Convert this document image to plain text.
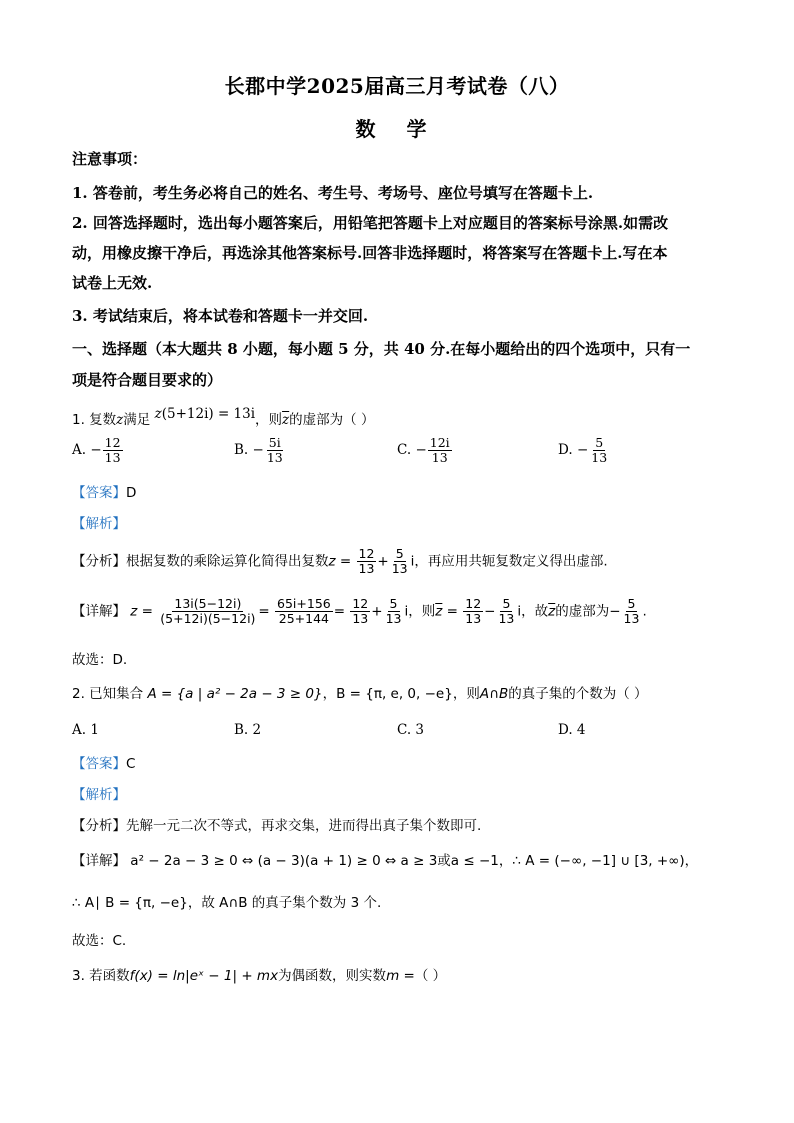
长郡中学2025届高三月考试卷（八）
数 学
注意事项：
1. 答卷前，考生务必将自己的姓名、考生号、考场号、座位号填写在答题卡上.
2. 回答选择题时，选出每小题答案后，用铅笔把答题卡上对应题目的答案标号涂黑.如需改
动，用橡皮擦干净后，再选涂其他答案标号.回答非选择题时，将答案写在答题卡上.写在本
试卷上无效.
3. 考试结束后，将本试卷和答题卡一并交回.
一、选择题（本大题共 8 小题，每小题 5 分，共 40 分.在每小题给出的四个选项中，只有一
项是符合题目要求的）
1. 复数z满足 z(5+12i) = 13i，则$\overline{z}$的虚部为（ ）
A. − $\frac{12}{13}$	B. − $\frac{5i}{13}$	C. − $\frac{12i}{13}$	D. − $\frac{5}{13}$
【答案】D
【解析】
【分析】根据复数的乘除运算化简得出复数$z = \frac{12}{13} + \frac{5}{13}$ i，再应用共轭复数定义得出虚部.
【详解】 $z = \frac{13i(5-12i)}{(5+12i)(5-12i)} = \frac{65i+156}{25+144} = \frac{12}{13} + \frac{5}{13}$ i，则$\overline{z} = \frac{12}{13} - \frac{5}{13}$ i，故$\overline{z}$的虚部为− $\frac{5}{13}$ .
故选：D.
2. 已知集合 A = {a | a² − 2a − 3 ≥ 0}，B = {π, e, 0, −e}，则A∩B的真子集的个数为（ ）
A. 1	B. 2	C. 3	D. 4
【答案】C
【解析】
【分析】先解一元二次不等式，再求交集，进而得出真子集个数即可.
【详解】 a² − 2a − 3 ≥ 0 ⇔ (a − 3)(a + 1) ≥ 0 ⇔ a ≥ 3或a ≤ −1，∴ A = (−∞, −1] ∪ [3, +∞)，
∴ A∣ B = {π, −e}，故 A∩B 的真子集个数为 3 个.
故选：C.
3. 若函数f(x) = ln|eˣ − 1| + mx为偶函数，则实数m =（ ）
